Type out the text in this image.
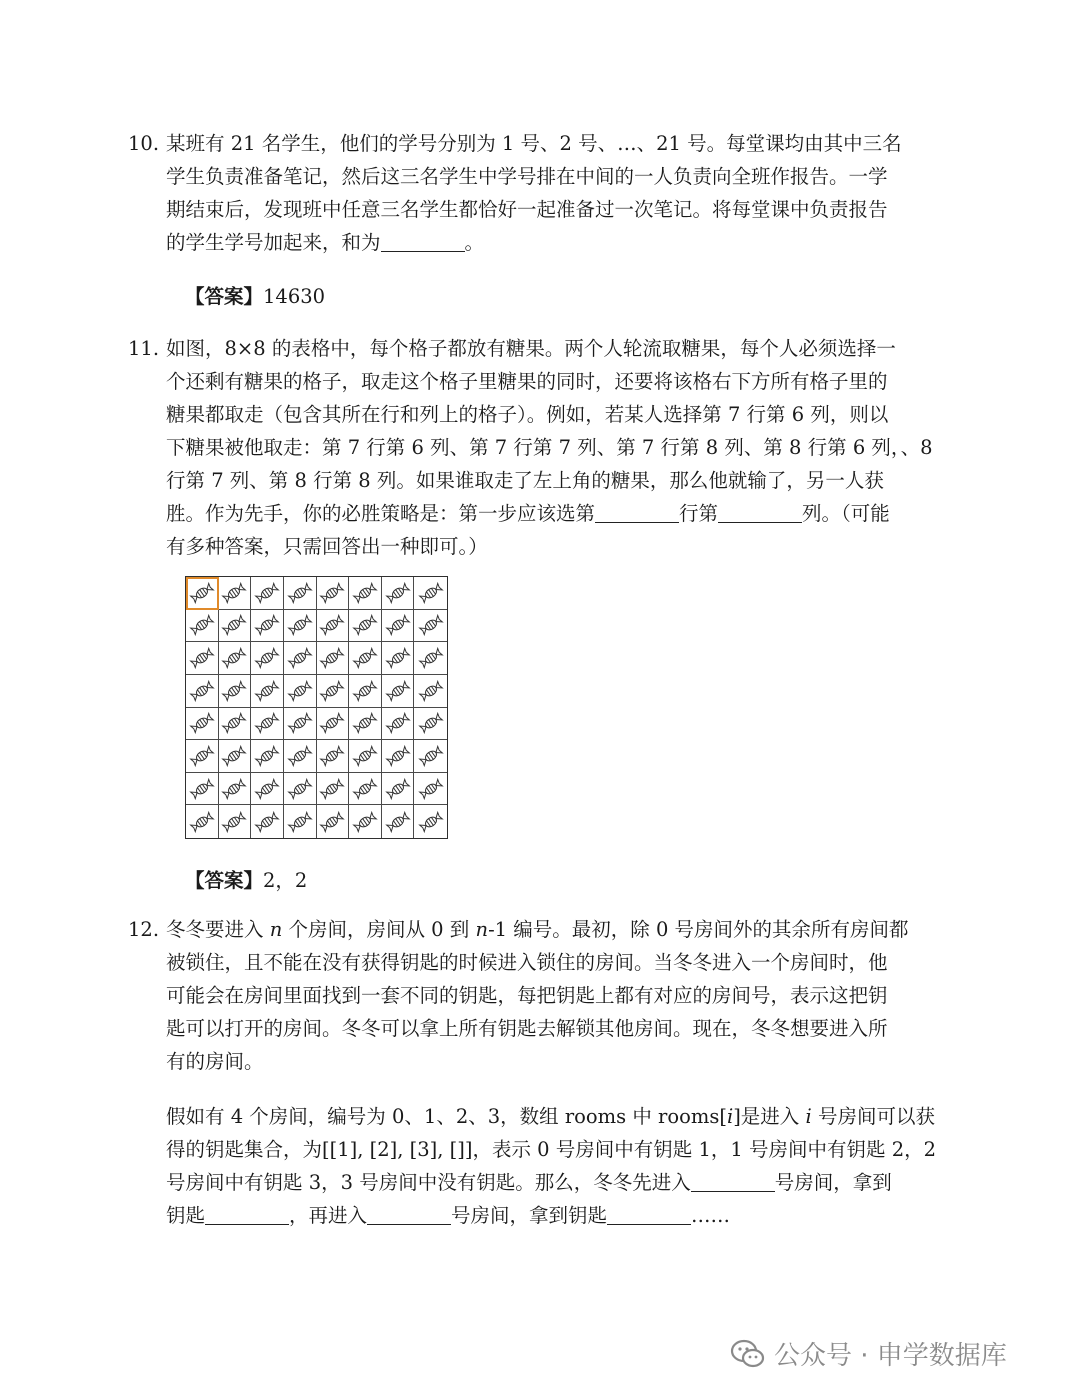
10. 某班有 21 名学生，他们的学号分别为 1 号、2 号、…、21 号。每堂课均由其中三名
学生负责准备笔记，然后这三名学生中学号排在中间的一人负责向全班作报告。一学
期结束后，发现班中任意三名学生都恰好一起准备过一次笔记。将每堂课中负责报告
的学生学号加起来，和为	。
【答案】14630
11. 如图，8×8 的表格中，每个格子都放有糖果。两个人轮流取糖果，每个人必须选择一
个还剩有糖果的格子，取走这个格子里糖果的同时，还要将该格右下方所有格子里的
糖果都取走（包含其所在行和列上的格子）。例如，若某人选择第 7 行第 6 列，则以
下糖果被他取走：第 7 行第 6 列、第 7 行第 7 列、第 7 行第 8 列、第 8 行第 6 列，、8
行第 7 列、第 8 行第 8 列。如果谁取走了左上角的糖果，那么他就输了，另一人获
胜。作为先手，你的必胜策略是：第一步应该选第	行第	列。（可能
有多种答案，只需回答出一种即可。）
【答案】2，2
12. 冬冬要进入 n 个房间，房间从 0 到 n-1 编号。最初，除 0 号房间外的其余所有房间都
被锁住，且不能在没有获得钥匙的时候进入锁住的房间。当冬冬进入一个房间时，他
可能会在房间里面找到一套不同的钥匙，每把钥匙上都有对应的房间号，表示这把钥
匙可以打开的房间。冬冬可以拿上所有钥匙去解锁其他房间。现在，冬冬想要进入所
有的房间。
假如有 4 个房间，编号为 0、1、2、3，数组 rooms 中 rooms[i]是进入 i 号房间可以获
得的钥匙集合，为[[1], [2], [3], []]，表示 0 号房间中有钥匙 1，1 号房间中有钥匙 2，2
号房间中有钥匙 3，3 号房间中没有钥匙。那么，冬冬先进入	号房间，拿到
钥匙	，再进入	号房间，拿到钥匙	……
公众号 · 申学数据库
